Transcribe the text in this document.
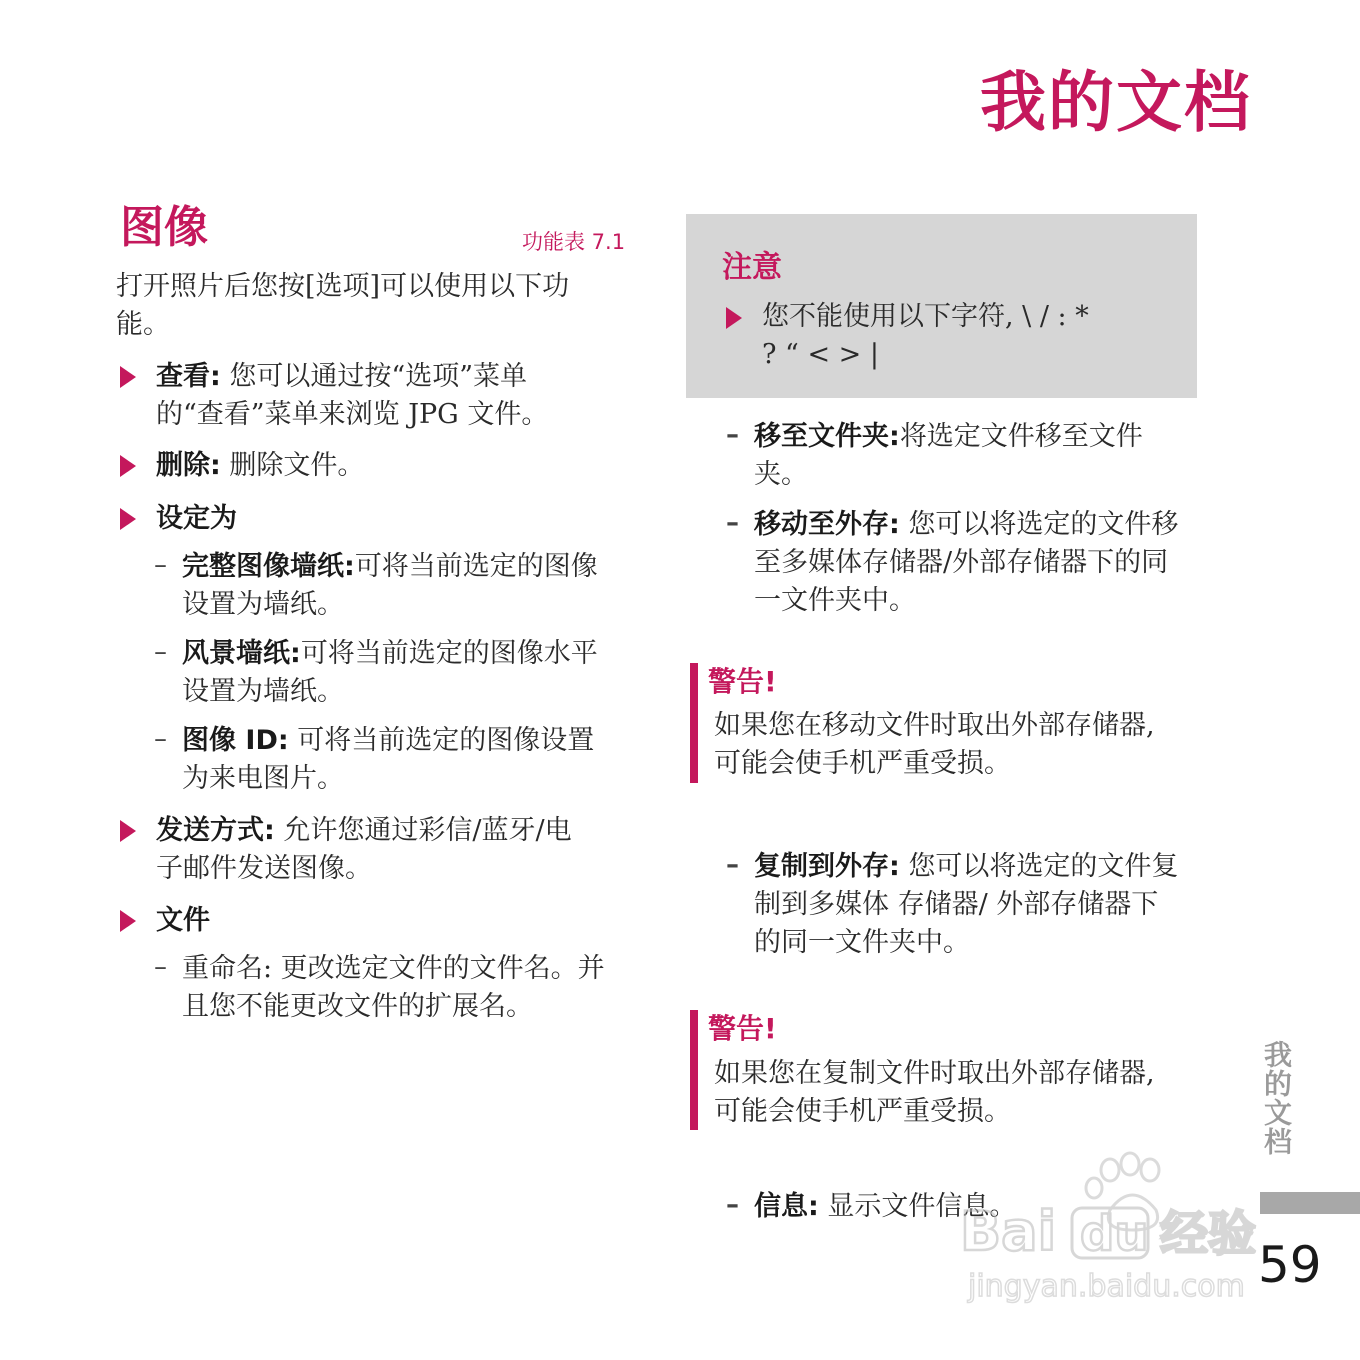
我的文档
图像	功能表 7.1
打开照片后您按[选项]可以使用以下功
能。
查看: 您可以通过按“选项”菜单
的“查看”菜单来浏览 JPG 文件。
删除: 删除文件。
设定为
– 完整图像墙纸:可将当前选定的图像
设置为墙纸。
– 风景墙纸:可将当前选定的图像水平
设置为墙纸。
– 图像 ID: 可将当前选定的图像设置
为来电图片。
发送方式: 允许您通过彩信/蓝牙/电
子邮件发送图像。
文件
– 重命名: 更改选定文件的文件名。并
且您不能更改文件的扩展名。
注意
您不能使用以下字符, \ / : *
? “ < > |
– 移至文件夹:将选定文件移至文件
夹。
– 移动至外存: 您可以将选定的文件移
至多媒体存储器/外部存储器下的同
一文件夹中。
警告!
如果您在移动文件时取出外部存储器,
可能会使手机严重受损。
– 复制到外存: 您可以将选定的文件复
制到多媒体 存储器/ 外部存储器下
的同一文件夹中。
警告!
如果您在复制文件时取出外部存储器,
可能会使手机严重受损。
– 信息: 显示文件信息。
我的文档
59
Bai du 经验
jingyan.baidu.com
